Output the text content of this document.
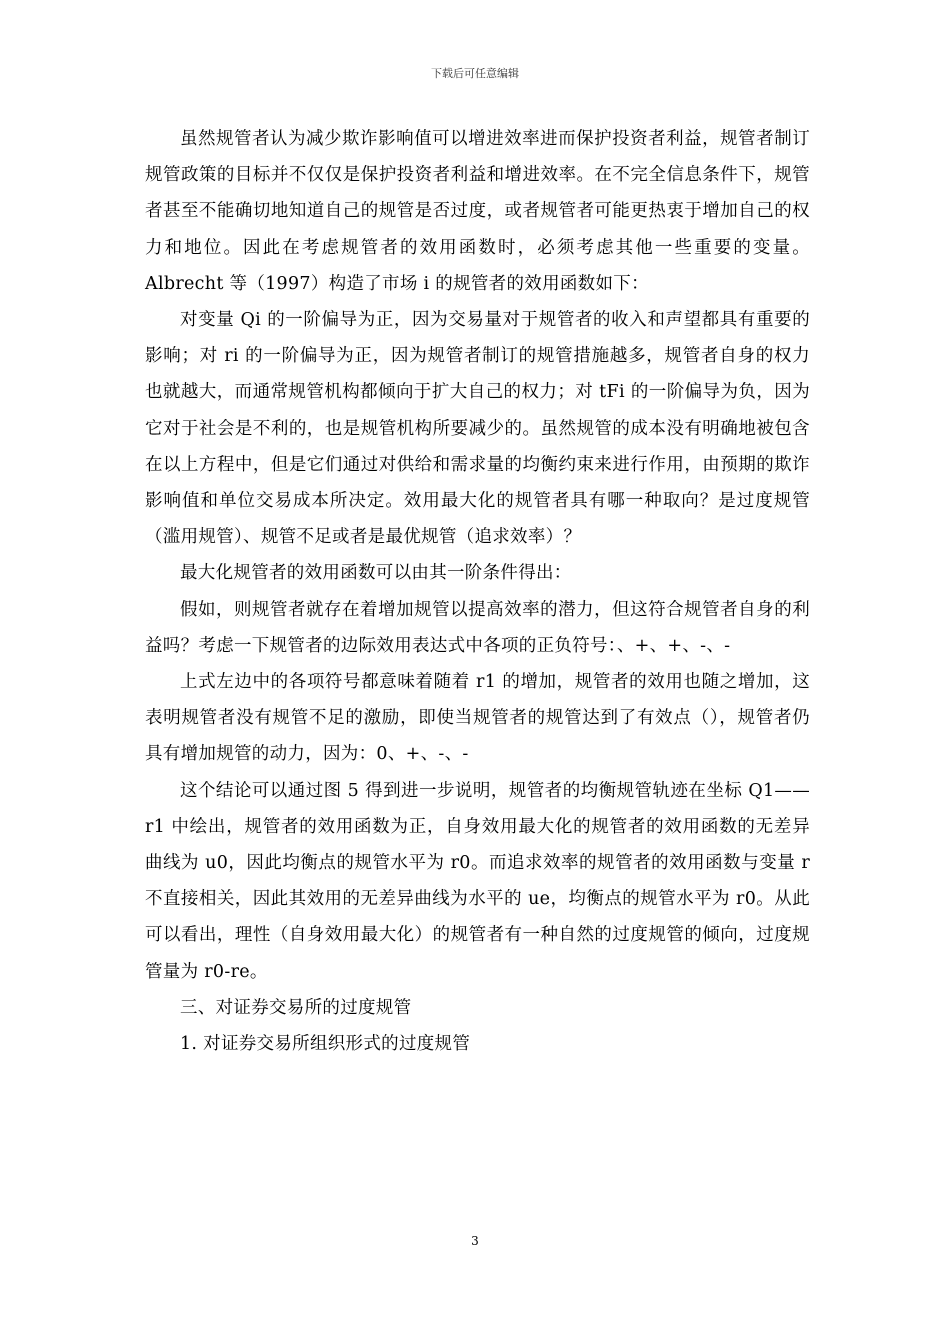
下载后可任意编辑

虽然规管者认为减少欺诈影响值可以增进效率进而保护投资者利益，规管者制订规管政策的目标并不仅仅是保护投资者利益和增进效率。在不完全信息条件下，规管者甚至不能确切地知道自己的规管是否过度，或者规管者可能更热衷于增加自己的权力和地位。因此在考虑规管者的效用函数时，必须考虑其他一些重要的变量。Albrecht 等（1997）构造了市场 i 的规管者的效用函数如下：

对变量 Qi 的一阶偏导为正，因为交易量对于规管者的收入和声望都具有重要的影响；对 ri 的一阶偏导为正，因为规管者制订的规管措施越多，规管者自身的权力也就越大，而通常规管机构都倾向于扩大自己的权力；对 tFi 的一阶偏导为负，因为它对于社会是不利的，也是规管机构所要减少的。虽然规管的成本没有明确地被包含在以上方程中，但是它们通过对供给和需求量的均衡约束来进行作用，由预期的欺诈影响值和单位交易成本所决定。效用最大化的规管者具有哪一种取向？是过度规管（滥用规管）、规管不足或者是最优规管（追求效率）？

最大化规管者的效用函数可以由其一阶条件得出：

假如，则规管者就存在着增加规管以提高效率的潜力，但这符合规管者自身的利益吗？考虑一下规管者的边际效用表达式中各项的正负符号：、+、+、-、-

上式左边中的各项符号都意味着随着 r1 的增加，规管者的效用也随之增加，这表明规管者没有规管不足的激励，即使当规管者的规管达到了有效点（），规管者仍具有增加规管的动力，因为：0、+、-、-

这个结论可以通过图 5 得到进一步说明，规管者的均衡规管轨迹在坐标 Q1——r1 中绘出，规管者的效用函数为正，自身效用最大化的规管者的效用函数的无差异曲线为 u0，因此均衡点的规管水平为 r0。而追求效率的规管者的效用函数与变量 r 不直接相关，因此其效用的无差异曲线为水平的 ue，均衡点的规管水平为 r0。从此可以看出，理性（自身效用最大化）的规管者有一种自然的过度规管的倾向，过度规管量为 r0-re。

三、对证券交易所的过度规管

1. 对证券交易所组织形式的过度规管

3
